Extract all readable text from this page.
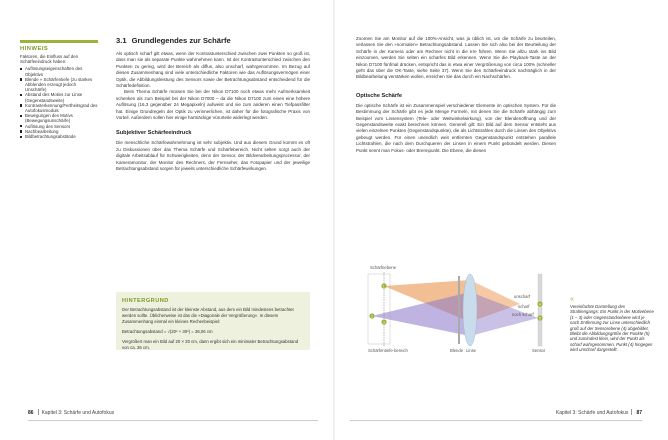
HINWEIS
Faktoren, die Einfluss auf den Schärfeeindruck haben:
Auflösungseigenschaften des Objektivs
Blende » Schärfentiefe (zu starkes Abblenden erzeugt jedoch Unschärfe)
Abstand des Motivs zur Linse (Gegenstandsweite)
Kontrasterkennung/Fertheitsgrad des Autofokusmoduls
Bewegungen des Motivs (Bewegungsunschärfe)
Auflösung des Sensors
Nachbearbeitung
Bildbetrachtungsabstände
3.1 Grundlegendes zur Schärfe

Als optisch scharf gilt etwas, wenn der Kontrastunterschied zwischen zwei Punkten so groß ist, dass man sie als separate Punkte wahrnehmen kann. Ist der Kontrastunterschied zwischen den Punkten zu gering, wird der Bereich als diffus, also unscharf, wahrgenommen. Im Bezug auf diesen Zusammenhang sind viele unterschiedliche Faktoren wie das Auflösungsvermögen einer Optik, die Abbildungsleistung des Sensors sowie der Betrachtungsabstand entscheidend für die Schärfedefinition.

Beim Thema Schärfe müssen Sie bei der Nikon D7100 noch etwas mehr Aufmerksamkeit schenken als zum Beispiel bei der Nikon D7000 – da die Nikon D7100 zum einen eine höhere Auflösung (16,3 gegenüber 24 Megapixeln) aufweist und sie zum anderen einen Tiefpassfilter hat. Einige Grundregeln der Optik zu verinnerlichen, ist daher für die fotografische Praxis von Vorteil. Außerdem sollen hier einige hartnäckige Vorurteile widerlegt werden.

Subjektiver Schärfeeindruck

Die menschliche Schärfewahrnehmung ist sehr subjektiv. Und aus diesem Grund kommt es oft zu Diskussionen über das Thema Schärfe und Schärfebereich. Nicht selten sorgt auch der digitale Arbeitsablauf für Schwierigkeiten, denn der Sensor, der Bildverarbeitungsprozessor, der Kameramonitor, der Monitor des Rechners, der Fernseher, das Fotopapier und der jeweilige Betrachtungsabstand sorgen für jeweils unterschiedliche Schärfewirkungen.

HINTERGRUND
Der Betrachtungsabstand ist der kleinste Abstand, aus dem ein Bild mindestens betrachtet werden sollte. Üblicherweise ist das die »Diagonale der Vergrößerung«. In diesem Zusammenhang einmal ein kleines Rechenbeispiel:
Betrachtungsabstand = √(20² + 30²) = 36,06 cm
Vergrößert man ein Bild auf 20 × 30 cm, dann ergibt sich ein minimaler Betrachtungsabstand von ca. 36 cm.
86 Kapitel 3: Schärfe und Autofokus

Zoomen Sie am Monitor auf die 100%-Ansicht, was ja üblich ist, um die Schärfe zu beurteilen, verlassen Sie den »normalen« Betrachtungsabstand. Lassen Sie sich also bei der Beurteilung der Schärfe in der Kamera oder am Rechner nicht in die Irre führen. Wenn Sie allzu stark ins Bild einzoomen, werden Sie selten ein scharfes Bild erkennen. Wenn Sie die Playback-Taste an der Nikon D7100 fünfmal drücken, entspricht das in etwa einer Vergrößerung von circa 100% (schneller geht das über die OK-Taste, siehe Seite 37). Wenn Sie den Schärfeeindruck nachträglich in der Bildbearbeitung verstärken wollen, erreichen Sie das durch ein Nachschärfen.

Optische Schärfe

Die optische Schärfe ist ein Zusammenspiel verschiedener Elemente im optischen System. Für die Bestimmung der Schärfe gibt es jede Menge Formeln, mit denen Sie die Schärfe abhängig zum Beispiel vom Linsensystem (Tele- oder Weitwinkelwirkung), von der Blendenöffnung und der Gegenstandsweite exakt berechnen können. Generell gilt: Ein Bild auf dem Sensor entsteht aus vielen einzelnen Punkten (Gegenstandspunkte), die als Lichtstrahlen durch die Linsen des Objektivs gebeugt werden. Für einen unendlich weit entfernten Gegenstandspunkt entstehen parallele Lichtstrahlen, die nach dem Durchqueren der Linsen in einem Punkt gebündelt werden. Diesen Punkt nennt man Fokus- oder Brennpunkt. Die Ebene, die diesen

1
2
3
4
5
Schärfeebene
unscharf
scharf
noch scharf
Schärfentiefe-bereich	Blende Linse	Sensor
«
Vereinfachte Darstellung des Strahlengangs: Ein Punkt in der Motivebene (1 – 3) oder Gegenstandsebene wird je nach Entfernung zur Linse unterschiedlich groß auf der Sensorebene (4) abgebildet. Bleibt die Abbildungsgröße der Punkte (5) und zumindest klein, wird der Punkt als scharf wahrgenommen. Punkt (4) hingegen wird unscharf dargestellt.
Kapitel 3: Schärfe und Autofokus 87
